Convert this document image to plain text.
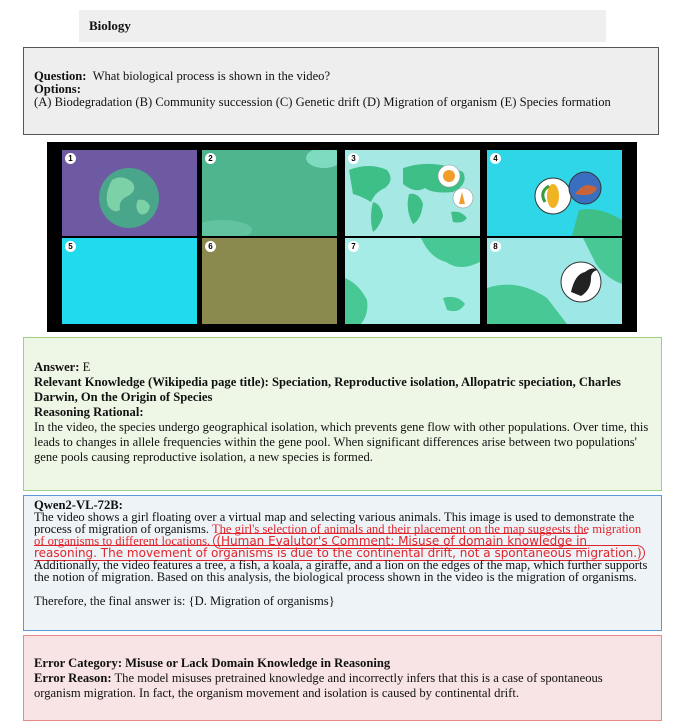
Biology

Question: What biological process is shown in the video?

Options:

(A) Biodegradation (B) Community succession (C) Genetic drift (D) Migration of organism (E) Species formation

1	2	3	4
5	6	7	8

Answer: E

Relevant Knowledge (Wikipedia page title): Speciation, Reproductive isolation, Allopatric speciation, Charles Darwin, On the Origin of Species

Reasoning Rational:

In the video, the species undergo geographical isolation, which prevents gene flow with other populations. Over time, this leads to changes in allele frequencies within the gene pool. When significant differences arise between two populations' gene pools causing reproductive isolation, a new species is formed.

Qwen2-VL-72B:

The video shows a girl floating over a virtual map and selecting various animals. This image is used to demonstrate the process of migration of organisms. The girl's selection of animals and their placement on the map suggests the migration of organisms to different locations. (Human Evalutor's Comment: Misuse of domain knowledge in reasoning. The movement of organisms is due to the continental drift, not a spontaneous migration.) Additionally, the video features a tree, a fish, a koala, a giraffe, and a lion on the edges of the map, which further supports the notion of migration. Based on this analysis, the biological process shown in the video is the migration of organisms.

Therefore, the final answer is: {D. Migration of organisms}

Error Category: Misuse or Lack Domain Knowledge in Reasoning

Error Reason: The model misuses pretrained knowledge and incorrectly infers that this is a case of spontaneous organism migration. In fact, the organism movement and isolation is caused by continental drift.
